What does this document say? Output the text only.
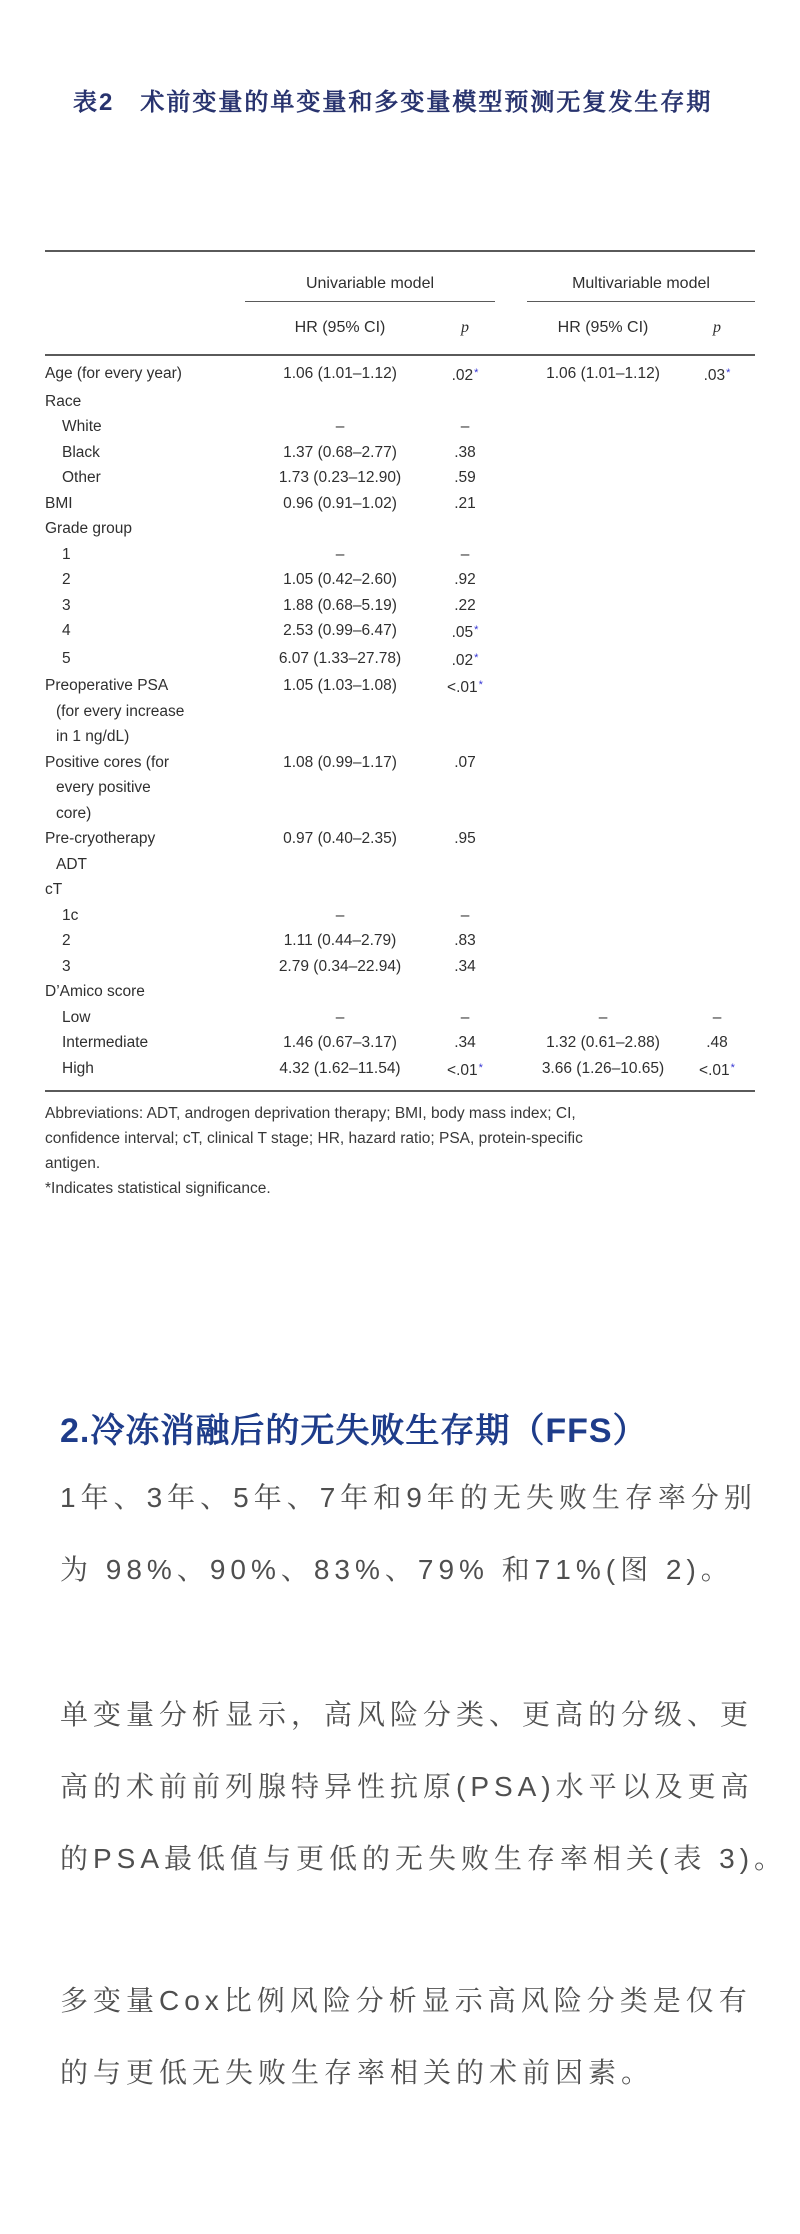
表2 术前变量的单变量和多变量模型预测无复发生存期
	Univariable model			Multivariable model	
	HR (95% CI)	p		HR (95% CI)	p

Age (for every year)	1.06 (1.01–1.12)	.02*		1.06 (1.01–1.12)	.03*

Race					

White	–	–			

Black	1.37 (0.68–2.77)	.38			

Other	1.73 (0.23–12.90)	.59			

BMI	0.96 (0.91–1.02)	.21			

Grade group					

1	–	–			

2	1.05 (0.42–2.60)	.92			

3	1.88 (0.68–5.19)	.22			

4	2.53 (0.99–6.47)	.05*			

5	6.07 (1.33–27.78)	.02*			

Preoperative PSA
(for every increase
in 1 ng/dL)	1.05 (1.03–1.08)	<.01*			

Positive cores (for
every positive
core)	1.08 (0.99–1.17)	.07			

Pre-cryotherapy
ADT	0.97 (0.40–2.35)	.95			

cT					

1c	–	–			

2	1.11 (0.44–2.79)	.83			

3	2.79 (0.34–22.94)	.34			

D’Amico score					

Low	–	–		–	–

Intermediate	1.46 (0.67–3.17)	.34		1.32 (0.61–2.88)	.48

High	4.32 (1.62–11.54)	<.01*		3.66 (1.26–10.65)	<.01*
Abbreviations: ADT, androgen deprivation therapy; BMI, body mass index; CI,
confidence interval; cT, clinical T stage; HR, hazard ratio; PSA, protein-specific
antigen.
*Indicates statistical significance.
2.冷冻消融后的无失败生存期（FFS）
1年、3年、5年、7年和9年的无失败生存率分别
为 98%、90%、83%、79% 和71%(图 2)。
单变量分析显示，高风险分类、更高的分级、更
高的术前前列腺特异性抗原(PSA)水平以及更高
的PSA最低值与更低的无失败生存率相关(表 3)。
多变量Cox比例风险分析显示高风险分类是仅有
的与更低无失败生存率相关的术前因素。
